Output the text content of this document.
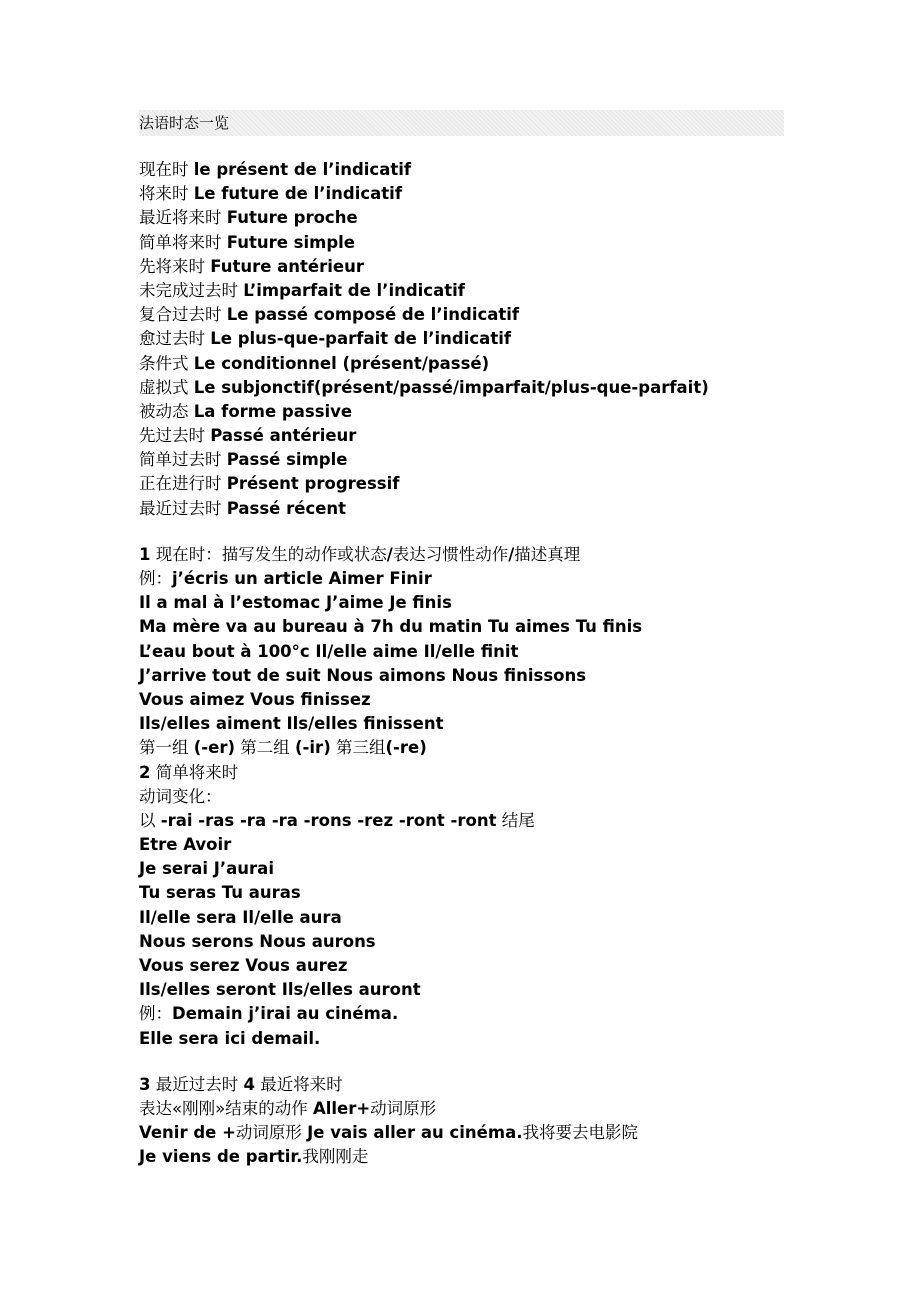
法语时态一览
现在时 le présent de l’indicatif
将来时 Le future de l’indicatif
最近将来时 Future proche
简单将来时 Future simple
先将来时 Future antérieur
未完成过去时 L’imparfait de l’indicatif
复合过去时 Le passé composé de l’indicatif
愈过去时 Le plus-que-parfait de l’indicatif
条件式 Le conditionnel (présent/passé)
虚拟式 Le subjonctif(présent/passé/imparfait/plus-que-parfait)
被动态 La forme passive
先过去时 Passé antérieur
简单过去时 Passé simple
正在进行时 Présent progressif
最近过去时 Passé récent
1 现在时：描写发生的动作或状态/表达习惯性动作/描述真理
例：j’écris un article Aimer Finir
Il a mal à l’estomac J’aime Je finis
Ma mère va au bureau à 7h du matin Tu aimes Tu finis
L’eau bout à 100°c Il/elle aime Il/elle finit
J’arrive tout de suit Nous aimons Nous finissons
Vous aimez Vous finissez
Ils/elles aiment Ils/elles finissent
第一组 (-er) 第二组 (-ir) 第三组(-re)
2 简单将来时
动词变化：
以 -rai -ras -ra -ra -rons -rez -ront -ront 结尾
Etre Avoir
Je serai J’aurai
Tu seras Tu auras
Il/elle sera Il/elle aura
Nous serons Nous aurons
Vous serez Vous aurez
Ils/elles seront Ils/elles auront
例：Demain j’irai au cinéma.
Elle sera ici demail.
3 最近过去时 4 最近将来时
表达«刚刚»结束的动作 Aller+动词原形
Venir de +动词原形 Je vais aller au cinéma.我将要去电影院
Je viens de partir.我刚刚走
